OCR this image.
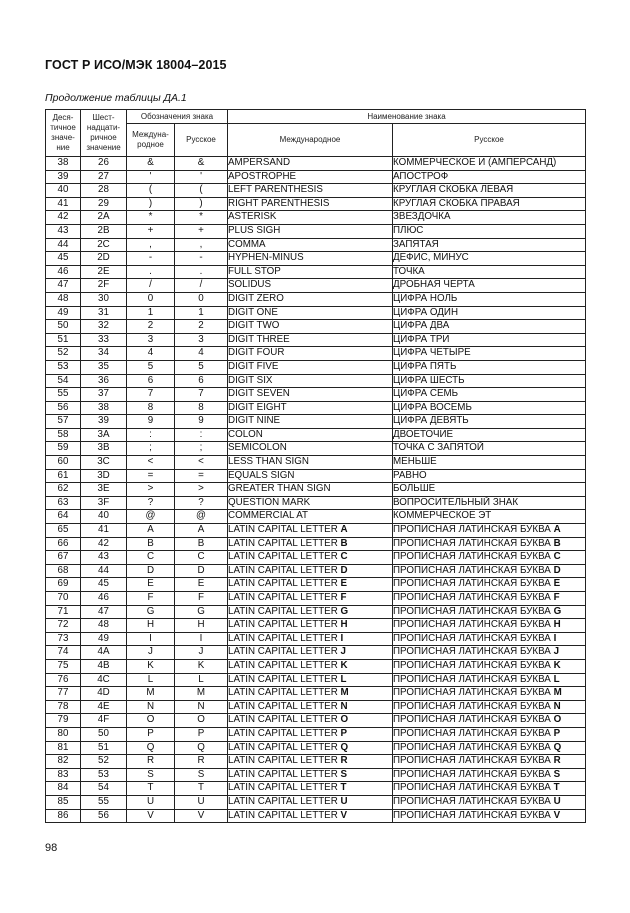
ГОСТ Р ИСО/МЭК 18004–2015
Продолжение таблицы ДА.1
Деся-
тичное
значе-
ние	Шест-
надцати-
ричное
значение	Обозначения знака		Наименование знака	
		Междуна-
родное	Русское	Международное	Русское
38	26	&	&	AMPERSAND	КОММЕРЧЕСКОЕ И (АМПЕРСАНД)
39	27	'	'	APOSTROPHE	АПОСТРОФ
40	28	(	(	LEFT PARENTHESIS	КРУГЛАЯ СКОБКА ЛЕВАЯ
41	29	)	)	RIGHT PARENTHESIS	КРУГЛАЯ СКОБКА ПРАВАЯ
42	2A	*	*	ASTERISK	ЗВЕЗДОЧКА
43	2B	+	+	PLUS SIGH	ПЛЮС
44	2C	,	,	COMMA	ЗАПЯТАЯ
45	2D	-	-	HYPHEN-MINUS	ДЕФИС, МИНУС
46	2E	.	.	FULL STOP	ТОЧКА
47	2F	/	/	SOLIDUS	ДРОБНАЯ ЧЕРТА
48	30	0	0	DIGIT ZERO	ЦИФРА НОЛЬ
49	31	1	1	DIGIT ONE	ЦИФРА ОДИН
50	32	2	2	DIGIT TWO	ЦИФРА ДВА
51	33	3	3	DIGIT THREE	ЦИФРА ТРИ
52	34	4	4	DIGIT FOUR	ЦИФРА ЧЕТЫРЕ
53	35	5	5	DIGIT FIVE	ЦИФРА ПЯТЬ
54	36	6	6	DIGIT SIX	ЦИФРА ШЕСТЬ
55	37	7	7	DIGIT SEVEN	ЦИФРА СЕМЬ
56	38	8	8	DIGIT EIGHT	ЦИФРА ВОСЕМЬ
57	39	9	9	DIGIT NINE	ЦИФРА ДЕВЯТЬ
58	3A	:	:	COLON	ДВОЕТОЧИЕ
59	3B	;	;	SEMICOLON	ТОЧКА С ЗАПЯТОЙ
60	3C	<	<	LESS THAN SIGN	МЕНЬШЕ
61	3D	=	=	EQUALS SIGN	РАВНО
62	3E	>	>	GREATER THAN SIGN	БОЛЬШЕ
63	3F	?	?	QUESTION MARK	ВОПРОСИТЕЛЬНЫЙ ЗНАК
64	40	@	@	COMMERCIAL AT	КОММЕРЧЕСКОЕ ЭТ
65	41	A	A	LATIN CAPITAL LETTER A	ПРОПИСНАЯ ЛАТИНСКАЯ БУКВА A
66	42	B	B	LATIN CAPITAL LETTER B	ПРОПИСНАЯ ЛАТИНСКАЯ БУКВА B
67	43	C	C	LATIN CAPITAL LETTER C	ПРОПИСНАЯ ЛАТИНСКАЯ БУКВА C
68	44	D	D	LATIN CAPITAL LETTER D	ПРОПИСНАЯ ЛАТИНСКАЯ БУКВА D
69	45	E	E	LATIN CAPITAL LETTER E	ПРОПИСНАЯ ЛАТИНСКАЯ БУКВА E
70	46	F	F	LATIN CAPITAL LETTER F	ПРОПИСНАЯ ЛАТИНСКАЯ БУКВА F
71	47	G	G	LATIN CAPITAL LETTER G	ПРОПИСНАЯ ЛАТИНСКАЯ БУКВА G
72	48	H	H	LATIN CAPITAL LETTER H	ПРОПИСНАЯ ЛАТИНСКАЯ БУКВА H
73	49	I	I	LATIN CAPITAL LETTER I	ПРОПИСНАЯ ЛАТИНСКАЯ БУКВА I
74	4A	J	J	LATIN CAPITAL LETTER J	ПРОПИСНАЯ ЛАТИНСКАЯ БУКВА J
75	4B	K	K	LATIN CAPITAL LETTER K	ПРОПИСНАЯ ЛАТИНСКАЯ БУКВА K
76	4C	L	L	LATIN CAPITAL LETTER L	ПРОПИСНАЯ ЛАТИНСКАЯ БУКВА L
77	4D	M	M	LATIN CAPITAL LETTER M	ПРОПИСНАЯ ЛАТИНСКАЯ БУКВА M
78	4E	N	N	LATIN CAPITAL LETTER N	ПРОПИСНАЯ ЛАТИНСКАЯ БУКВА N
79	4F	O	O	LATIN CAPITAL LETTER O	ПРОПИСНАЯ ЛАТИНСКАЯ БУКВА O
80	50	P	P	LATIN CAPITAL LETTER P	ПРОПИСНАЯ ЛАТИНСКАЯ БУКВА P
81	51	Q	Q	LATIN CAPITAL LETTER Q	ПРОПИСНАЯ ЛАТИНСКАЯ БУКВА Q
82	52	R	R	LATIN CAPITAL LETTER R	ПРОПИСНАЯ ЛАТИНСКАЯ БУКВА R
83	53	S	S	LATIN CAPITAL LETTER S	ПРОПИСНАЯ ЛАТИНСКАЯ БУКВА S
84	54	T	T	LATIN CAPITAL LETTER T	ПРОПИСНАЯ ЛАТИНСКАЯ БУКВА T
85	55	U	U	LATIN CAPITAL LETTER U	ПРОПИСНАЯ ЛАТИНСКАЯ БУКВА U
86	56	V	V	LATIN CAPITAL LETTER V	ПРОПИСНАЯ ЛАТИНСКАЯ БУКВА V
98
